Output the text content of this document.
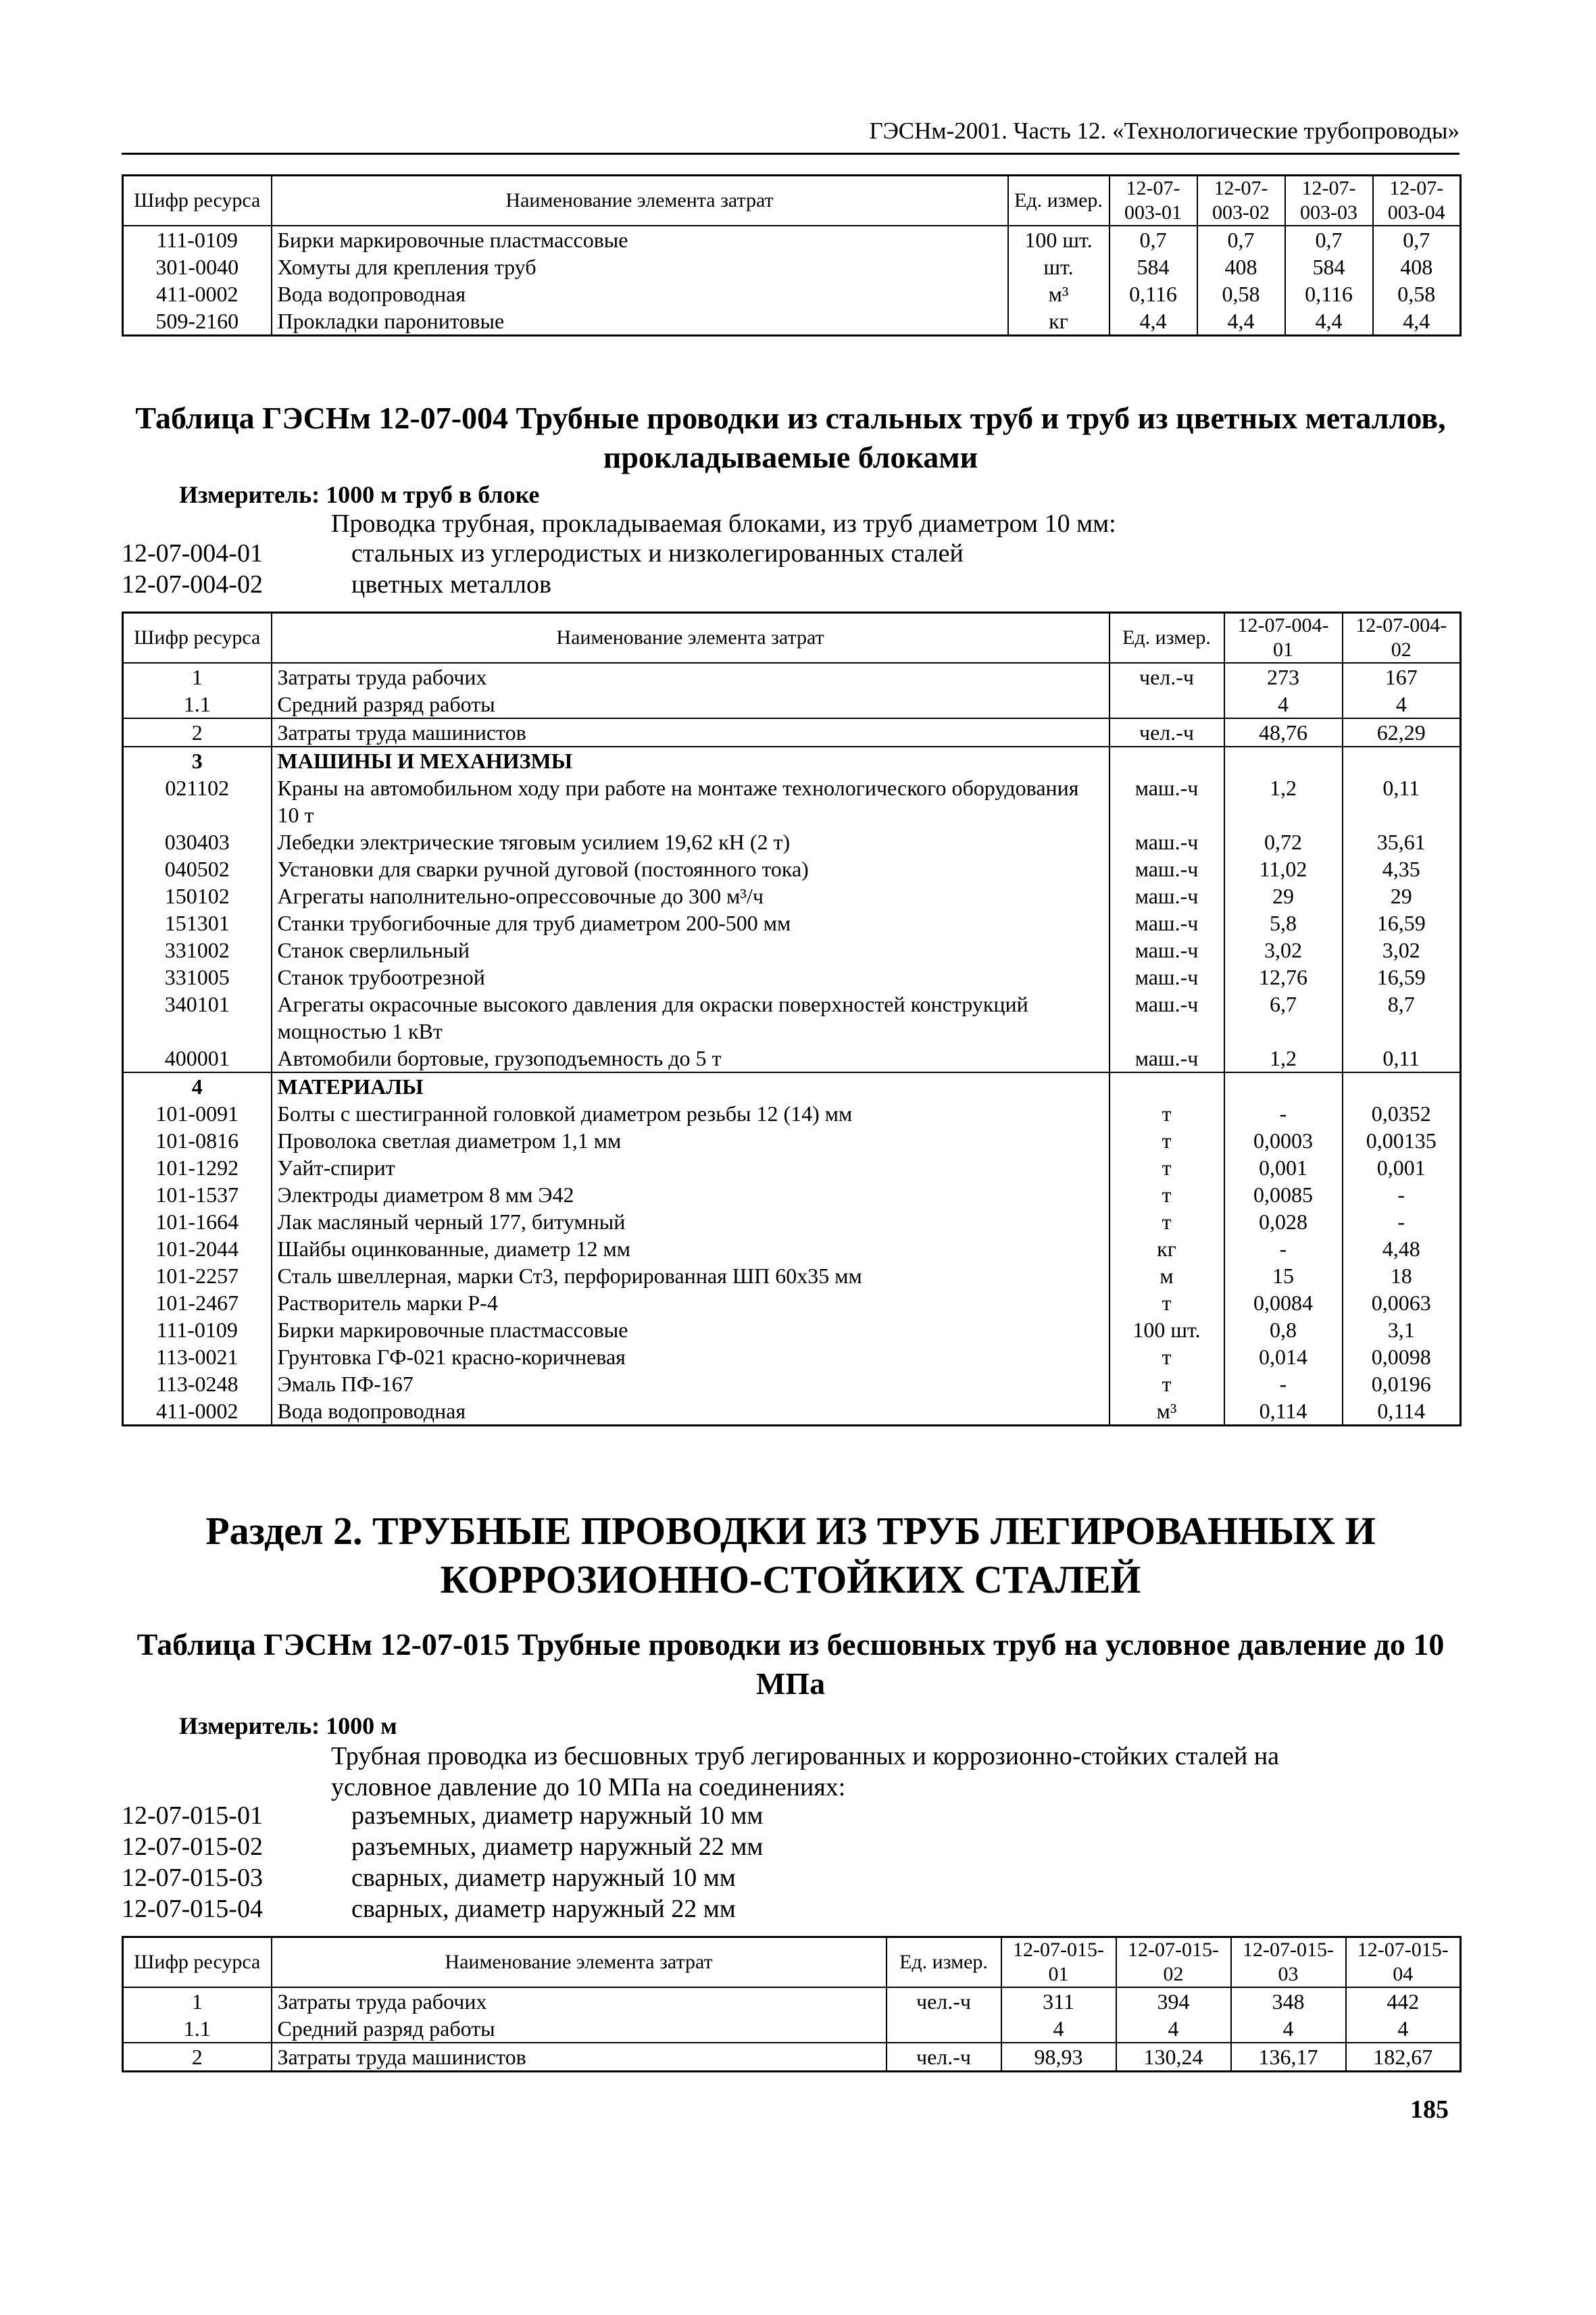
ГЭСНм-2001. Часть 12. «Технологические трубопроводы»
Шифр ресурса	Наименование элемента затрат	Ед. измер.	12-07-003-01	12-07-003-02	12-07-003-03	12-07-003-04
111-0109	Бирки маркировочные пластмассовые	100 шт.	0,7	0,7	0,7	0,7
301-0040	Хомуты для крепления труб	шт.	584	408	584	408
411-0002	Вода водопроводная	м³	0,116	0,58	0,116	0,58
509-2160	Прокладки паронитовые	кг	4,4	4,4	4,4	4,4
Таблица ГЭСНм 12-07-004 Трубные проводки из стальных труб и труб из цветных металлов, прокладываемые блоками
Измеритель: 1000 м труб в блоке
Проводка трубная, прокладываемая блоками, из труб диаметром 10 мм:
12-07-004-01	стальных из углеродистых и низколегированных сталей
12-07-004-02	цветных металлов
Шифр ресурса	Наименование элемента затрат	Ед. измер.	12-07-004-01	12-07-004-02
1	Затраты труда рабочих	чел.-ч	273	167
1.1	Средний разряд работы		4	4
2	Затраты труда машинистов	чел.-ч	48,76	62,29
3	МАШИНЫ И МЕХАНИЗМЫ			
021102	Краны на автомобильном ходу при работе на монтаже технологического оборудования 10 т	маш.-ч	1,2	0,11
030403	Лебедки электрические тяговым усилием 19,62 кН (2 т)	маш.-ч	0,72	35,61
040502	Установки для сварки ручной дуговой (постоянного тока)	маш.-ч	11,02	4,35
150102	Агрегаты наполнительно-опрессовочные до 300 м³/ч	маш.-ч	29	29
151301	Станки трубогибочные для труб диаметром 200-500 мм	маш.-ч	5,8	16,59
331002	Станок сверлильный	маш.-ч	3,02	3,02
331005	Станок трубоотрезной	маш.-ч	12,76	16,59
340101	Агрегаты окрасочные высокого давления для окраски поверхностей конструкций мощностью 1 кВт	маш.-ч	6,7	8,7
400001	Автомобили бортовые, грузоподъемность до 5 т	маш.-ч	1,2	0,11
4	МАТЕРИАЛЫ			
101-0091	Болты с шестигранной головкой диаметром резьбы 12 (14) мм	т	-	0,0352
101-0816	Проволока светлая диаметром 1,1 мм	т	0,0003	0,00135
101-1292	Уайт-спирит	т	0,001	0,001
101-1537	Электроды диаметром 8 мм Э42	т	0,0085	-
101-1664	Лак масляный черный 177, битумный	т	0,028	-
101-2044	Шайбы оцинкованные, диаметр 12 мм	кг	-	4,48
101-2257	Сталь швеллерная, марки Ст3, перфорированная ШП 60х35 мм	м	15	18
101-2467	Растворитель марки Р-4	т	0,0084	0,0063
111-0109	Бирки маркировочные пластмассовые	100 шт.	0,8	3,1
113-0021	Грунтовка ГФ-021 красно-коричневая	т	0,014	0,0098
113-0248	Эмаль ПФ-167	т	-	0,0196
411-0002	Вода водопроводная	м³	0,114	0,114
Раздел 2. ТРУБНЫЕ ПРОВОДКИ ИЗ ТРУБ ЛЕГИРОВАННЫХ И КОРРОЗИОННО-СТОЙКИХ СТАЛЕЙ
Таблица ГЭСНм 12-07-015 Трубные проводки из бесшовных труб на условное давление до 10 МПа
Измеритель: 1000 м
Трубная проводка из бесшовных труб легированных и коррозионно-стойких сталей на условное давление до 10 МПа на соединениях:
12-07-015-01	разъемных, диаметр наружный 10 мм
12-07-015-02	разъемных, диаметр наружный 22 мм
12-07-015-03	сварных, диаметр наружный 10 мм
12-07-015-04	сварных, диаметр наружный 22 мм
Шифр ресурса	Наименование элемента затрат	Ед. измер.	12-07-015-01	12-07-015-02	12-07-015-03	12-07-015-04
1	Затраты труда рабочих	чел.-ч	311	394	348	442
1.1	Средний разряд работы		4	4	4	4
2	Затраты труда машинистов	чел.-ч	98,93	130,24	136,17	182,67
185
